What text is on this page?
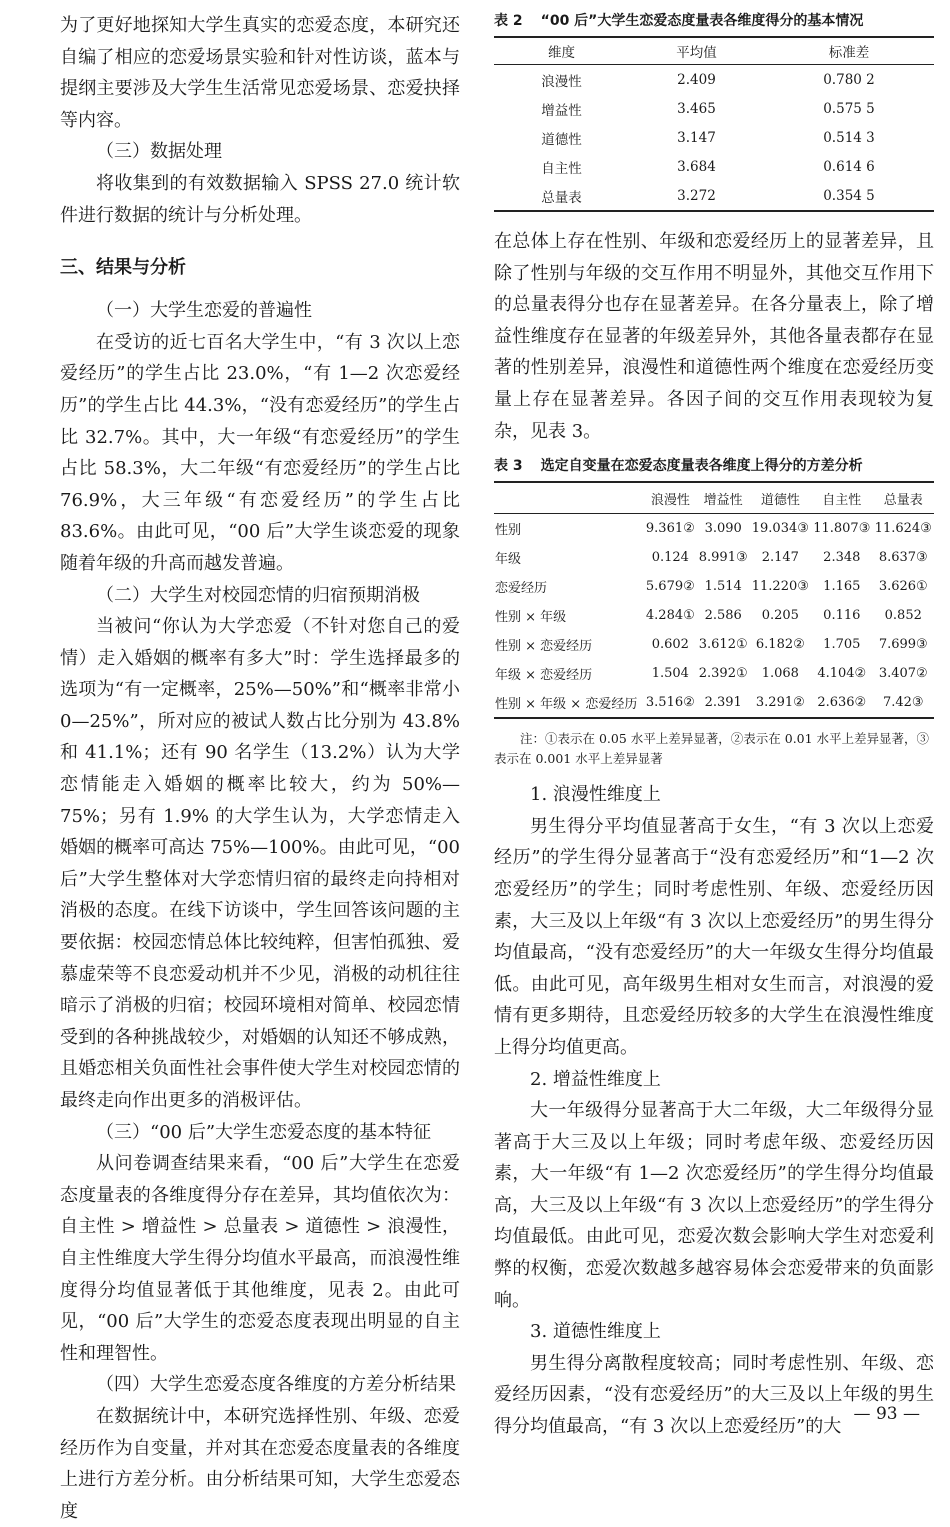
为了更好地探知大学生真实的恋爱态度，本研究还自编了相应的恋爱场景实验和针对性访谈，蓝本与提纲主要涉及大学生生活常见恋爱场景、恋爱抉择等内容。

（三）数据处理

将收集到的有效数据输入 SPSS 27.0 统计软件进行数据的统计与分析处理。

三、结果与分析

（一）大学生恋爱的普遍性

在受访的近七百名大学生中，“有 3 次以上恋爱经历”的学生占比 23.0%，“有 1—2 次恋爱经历”的学生占比 44.3%，“没有恋爱经历”的学生占比 32.7%。其中，大一年级“有恋爱经历”的学生占比 58.3%，大二年级“有恋爱经历”的学生占比 76.9%，大三年级“有恋爱经历”的学生占比 83.6%。由此可见，“00 后”大学生谈恋爱的现象随着年级的升高而越发普遍。

（二）大学生对校园恋情的归宿预期消极

当被问“你认为大学恋爱（不针对您自己的爱情）走入婚姻的概率有多大”时：学生选择最多的选项为“有一定概率，25%—50%”和“概率非常小 0—25%”，所对应的被试人数占比分别为 43.8% 和 41.1%；还有 90 名学生（13.2%）认为大学恋情能走入婚姻的概率比较大，约为 50%—75%；另有 1.9% 的大学生认为，大学恋情走入婚姻的概率可高达 75%—100%。由此可见，“00 后”大学生整体对大学恋情归宿的最终走向持相对消极的态度。在线下访谈中，学生回答该问题的主要依据：校园恋情总体比较纯粹，但害怕孤独、爱慕虚荣等不良恋爱动机并不少见，消极的动机往往暗示了消极的归宿；校园环境相对简单、校园恋情受到的各种挑战较少，对婚姻的认知还不够成熟，且婚恋相关负面性社会事件使大学生对校园恋情的最终走向作出更多的消极评估。

（三）“00 后”大学生恋爱态度的基本特征

从问卷调查结果来看，“00 后”大学生在恋爱态度量表的各维度得分存在差异，其均值依次为：自主性 > 增益性 > 总量表 > 道德性 > 浪漫性，自主性维度大学生得分均值水平最高，而浪漫性维度得分均值显著低于其他维度，见表 2。由此可见，“00 后”大学生的恋爱态度表现出明显的自主性和理智性。

（四）大学生恋爱态度各维度的方差分析结果

在数据统计中，本研究选择性别、年级、恋爱经历作为自变量，并对其在恋爱态度量表的各维度上进行方差分析。由分析结果可知，大学生恋爱态度

表 2 “00 后”大学生恋爱态度量表各维度得分的基本情况
维度	平均值	标准差
浪漫性	2.409	0.780 2
增益性	3.465	0.575 5
道德性	3.147	0.514 3
自主性	3.684	0.614 6
总量表	3.272	0.354 5

在总体上存在性别、年级和恋爱经历上的显著差异，且除了性别与年级的交互作用不明显外，其他交互作用下的总量表得分也存在显著差异。在各分量表上，除了增益性维度存在显著的年级差异外，其他各量表都存在显著的性别差异，浪漫性和道德性两个维度在恋爱经历变量上存在显著差异。各因子间的交互作用表现较为复杂，见表 3。

表 3 选定自变量在恋爱态度量表各维度上得分的方差分析
	浪漫性	增益性	道德性	自主性	总量表
性别	9.361②	3.090	19.034③	11.807③	11.624③
年级	0.124	8.991③	2.147	2.348	8.637③
恋爱经历	5.679②	1.514	11.220③	1.165	3.626①
性别 × 年级	4.284①	2.586	0.205	0.116	0.852
性别 × 恋爱经历	0.602	3.612①	6.182②	1.705	7.699③
年级 × 恋爱经历	1.504	2.392①	1.068	4.104②	3.407②
性别 × 年级 × 恋爱经历	3.516②	2.391	3.291②	2.636②	7.42③
注：①表示在 0.05 水平上差异显著，②表示在 0.01 水平上差异显著，③表示在 0.001 水平上差异显著

1. 浪漫性维度上

男生得分平均值显著高于女生，“有 3 次以上恋爱经历”的学生得分显著高于“没有恋爱经历”和“1—2 次恋爱经历”的学生；同时考虑性别、年级、恋爱经历因素，大三及以上年级“有 3 次以上恋爱经历”的男生得分均值最高，“没有恋爱经历”的大一年级女生得分均值最低。由此可见，高年级男生相对女生而言，对浪漫的爱情有更多期待，且恋爱经历较多的大学生在浪漫性维度上得分均值更高。

2. 增益性维度上

大一年级得分显著高于大二年级，大二年级得分显著高于大三及以上年级；同时考虑年级、恋爱经历因素，大一年级“有 1—2 次恋爱经历”的学生得分均值最高，大三及以上年级“有 3 次以上恋爱经历”的学生得分均值最低。由此可见，恋爱次数会影响大学生对恋爱利弊的权衡，恋爱次数越多越容易体会恋爱带来的负面影响。

3. 道德性维度上

男生得分离散程度较高；同时考虑性别、年级、恋爱经历因素，“没有恋爱经历”的大三及以上年级的男生得分均值最高，“有 3 次以上恋爱经历”的大

— 93 —
